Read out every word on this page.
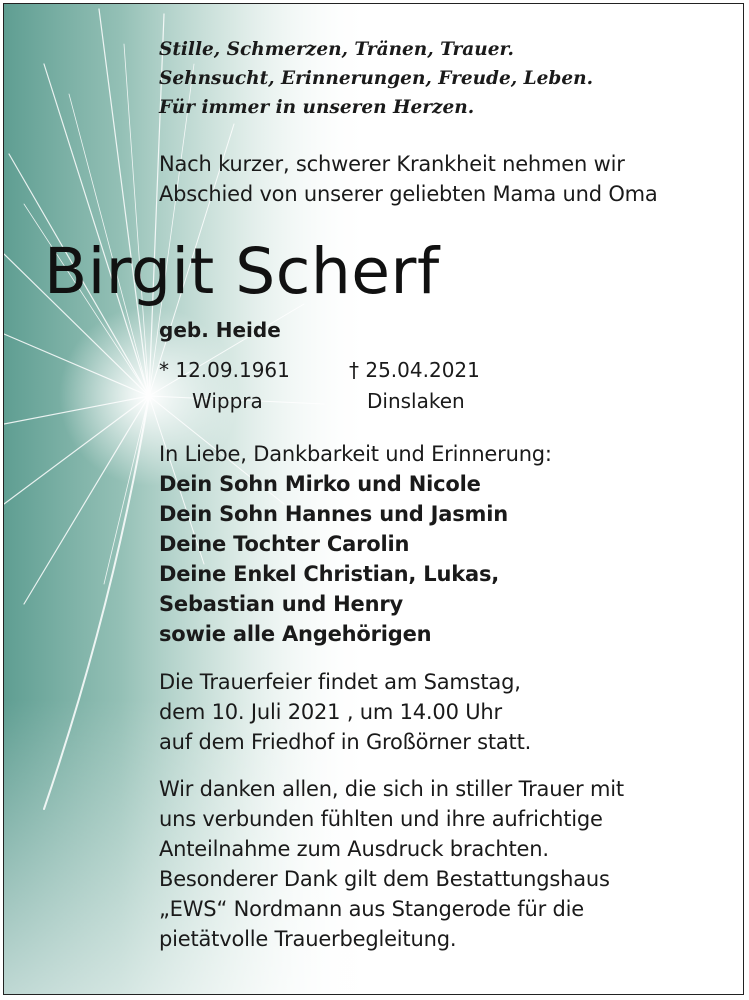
Stille, Schmerzen, Tränen, Trauer.
Sehnsucht, Erinnerungen, Freude, Leben.
Für immer in unseren Herzen.
Nach kurzer, schwerer Krankheit nehmen wir
Abschied von unserer geliebten Mama und Oma
Birgit Scherf
geb. Heide
* 12.09.1961	† 25.04.2021
Wippra	Dinslaken
In Liebe, Dankbarkeit und Erinnerung:
Dein Sohn Mirko und Nicole
Dein Sohn Hannes und Jasmin
Deine Tochter Carolin
Deine Enkel Christian, Lukas,
Sebastian und Henry
sowie alle Angehörigen
Die Trauerfeier findet am Samstag,
dem 10. Juli 2021 , um 14.00 Uhr
auf dem Friedhof in Großörner statt.
Wir danken allen, die sich in stiller Trauer mit
uns verbunden fühlten und ihre aufrichtige
Anteilnahme zum Ausdruck brachten.
Besonderer Dank gilt dem Bestattungshaus
„EWS“ Nordmann aus Stangerode für die
pietätvolle Trauerbegleitung.
